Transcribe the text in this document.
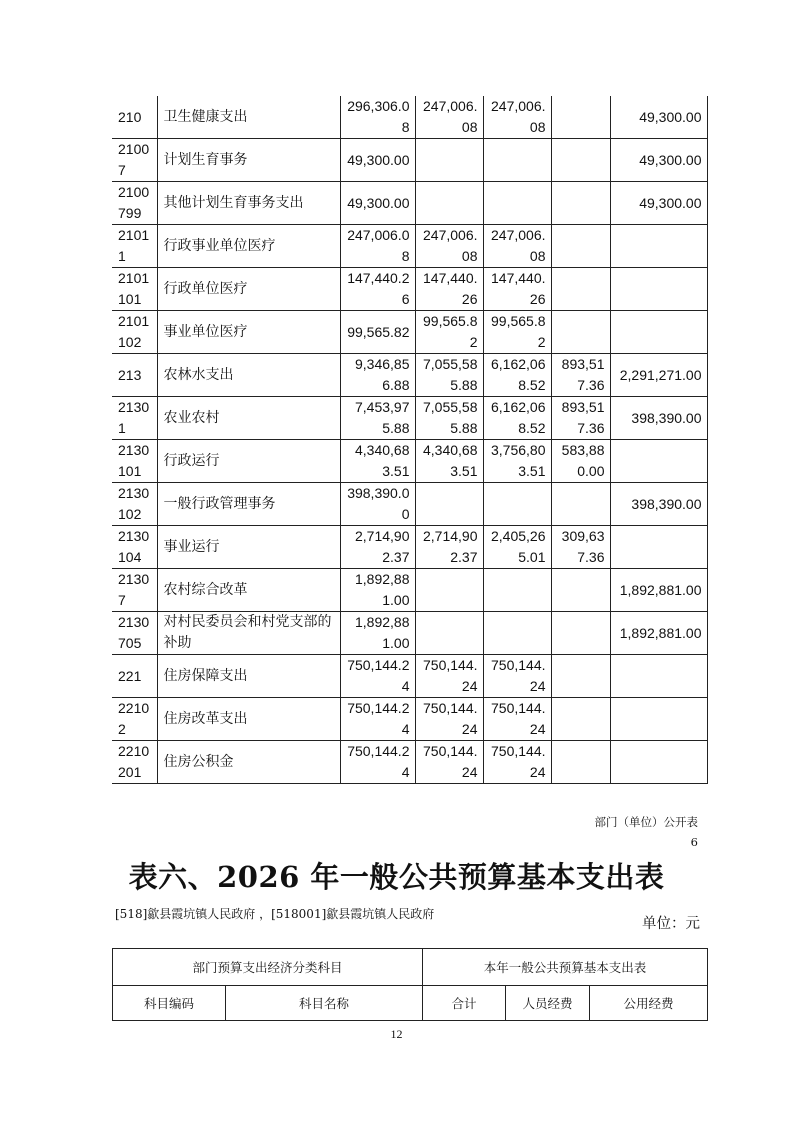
210	卫生健康支出	296,306.08	247,006.08	247,006.08		49,300.00
21007	计划生育事务	49,300.00				49,300.00
2100799	其他计划生育事务支出	49,300.00				49,300.00
21011	行政事业单位医疗	247,006.08	247,006.08	247,006.08		
2101101	行政单位医疗	147,440.26	147,440.26	147,440.26		
2101102	事业单位医疗	99,565.82	99,565.82	99,565.82		
213	农林水支出	9,346,856.88	7,055,585.88	6,162,068.52	893,517.36	2,291,271.00
21301	农业农村	7,453,975.88	7,055,585.88	6,162,068.52	893,517.36	398,390.00
2130101	行政运行	4,340,683.51	4,340,683.51	3,756,803.51	583,880.00	
2130102	一般行政管理事务	398,390.00				398,390.00
2130104	事业运行	2,714,902.37	2,714,902.37	2,405,265.01	309,637.36	
21307	农村综合改革	1,892,881.00				1,892,881.00
2130705	对村民委员会和村党支部的补助	1,892,881.00				1,892,881.00
221	住房保障支出	750,144.24	750,144.24	750,144.24		
22102	住房改革支出	750,144.24	750,144.24	750,144.24		
2210201	住房公积金	750,144.24	750,144.24	750,144.24		
部门（单位）公开表
6
表六、2026 年一般公共预算基本支出表
[518]歙县霞坑镇人民政府 ，[518001]歙县霞坑镇人民政府
单位：元
部门预算支出经济分类科目		本年一般公共预算基本支出表		
科目编码	科目名称	合计	人员经费	公用经费
12
